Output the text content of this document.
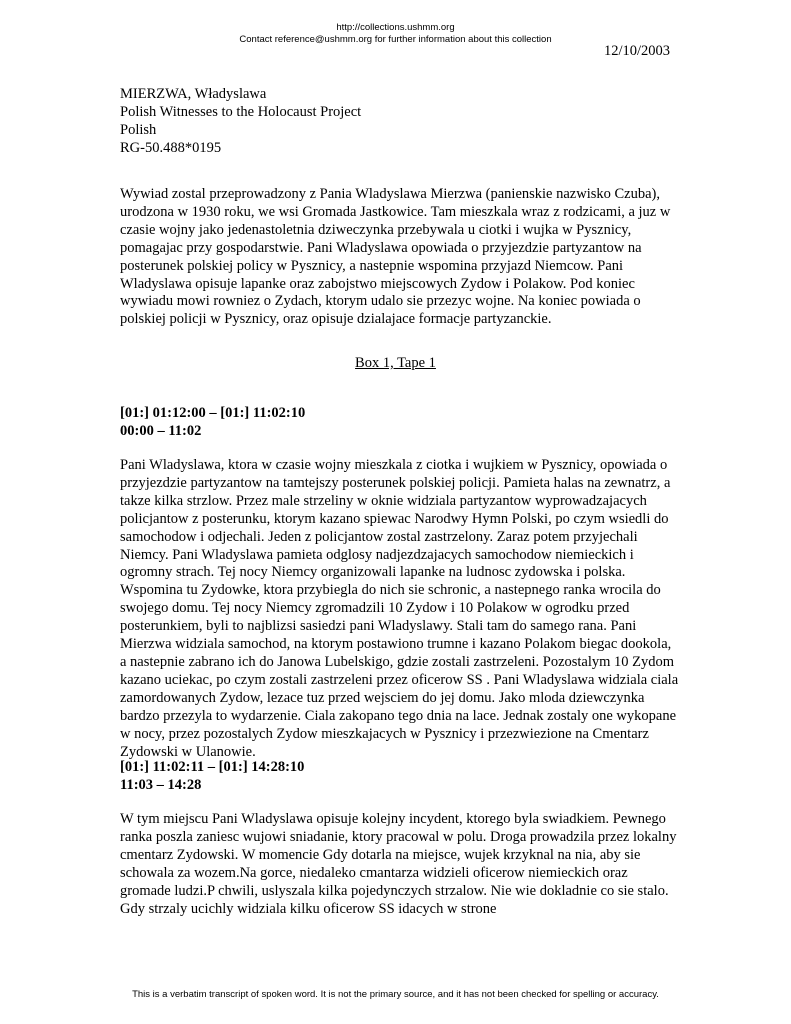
http://collections.ushmm.org
Contact reference@ushmm.org for further information about this collection
12/10/2003
MIERZWA, Władyslawa
Polish Witnesses to the Holocaust Project
Polish
RG-50.488*0195

Wywiad zostal przeprowadzony z Pania Wladyslawa Mierzwa (panienskie nazwisko Czuba), urodzona w 1930 roku, we wsi Gromada Jastkowice. Tam mieszkala wraz z rodzicami, a juz w czasie wojny jako jedenastoletnia dziweczynka przebywala u ciotki i wujka w Pysznicy, pomagajac przy gospodarstwie. Pani Wladyslawa opowiada o przyjezdzie partyzantow na posterunek polskiej policy w Pysznicy, a nastepnie wspomina przyjazd Niemcow. Pani Wladyslawa opisuje lapanke oraz zabojstwo miejscowych Zydow i Polakow. Pod koniec wywiadu mowi rowniez o Zydach, ktorym udalo sie przezyc wojne. Na koniec powiada o polskiej policji w Pysznicy, oraz opisuje dzialajace formacje partyzanckie.

Box 1, Tape 1
[01:] 01:12:00 – [01:] 11:02:10
00:00 – 11:02

Pani Wladyslawa, ktora w czasie wojny mieszkala z ciotka i wujkiem w Pysznicy, opowiada o przyjezdzie partyzantow na tamtejszy posterunek polskiej policji. Pamieta halas na zewnatrz, a takze kilka strzlow. Przez male strzeliny w oknie widziala partyzantow wyprowadzajacych policjantow z posterunku, ktorym kazano spiewac Narodwy Hymn Polski, po czym wsiedli do samochodow i odjechali. Jeden z policjantow zostal zastrzelony. Zaraz potem przyjechali Niemcy. Pani Wladyslawa pamieta odglosy nadjezdzajacych samochodow niemieckich i ogromny strach. Tej nocy Niemcy organizowali lapanke na ludnosc zydowska i polska. Wspomina tu Zydowke, ktora przybiegla do nich sie schronic, a nastepnego ranka wrocila do swojego domu. Tej nocy Niemcy zgromadzili 10 Zydow i 10 Polakow w ogrodku przed posterunkiem, byli to najblizsi sasiedzi pani Wladyslawy. Stali tam do samego rana. Pani Mierzwa widziala samochod, na ktorym postawiono trumne i kazano Polakom biegac dookola, a nastepnie zabrano ich do Janowa Lubelskigo, gdzie zostali zastrzeleni. Pozostalym 10 Zydom kazano uciekac, po czym zostali zastrzeleni przez oficerow SS . Pani Wladyslawa widziala ciala zamordowanych Zydow, lezace tuz przed wejsciem do jej domu. Jako mloda dziewczynka bardzo przezyla to wydarzenie. Ciala zakopano tego dnia na lace. Jednak zostaly one wykopane w nocy, przez pozostalych Zydow mieszkajacych w Pysznicy i przezwiezione na Cmentarz Zydowski w Ulanowie.

[01:] 11:02:11 – [01:] 14:28:10
11:03 – 14:28

W tym miejscu Pani Wladyslawa opisuje kolejny incydent, ktorego byla swiadkiem. Pewnego ranka poszla zaniesc wujowi sniadanie, ktory pracowal w polu. Droga prowadzila przez lokalny cmentarz Zydowski. W momencie Gdy dotarla na miejsce, wujek krzyknal na nia, aby sie schowala za wozem.Na gorce, niedaleko cmantarza widzieli oficerow niemieckich oraz gromade ludzi.P chwili, uslyszala kilka pojedynczych strzalow. Nie wie dokladnie co sie stalo. Gdy strzaly ucichly widziala kilku oficerow SS idacych w strone

This is a verbatim transcript of spoken word. It is not the primary source, and it has not been checked for spelling or accuracy.
